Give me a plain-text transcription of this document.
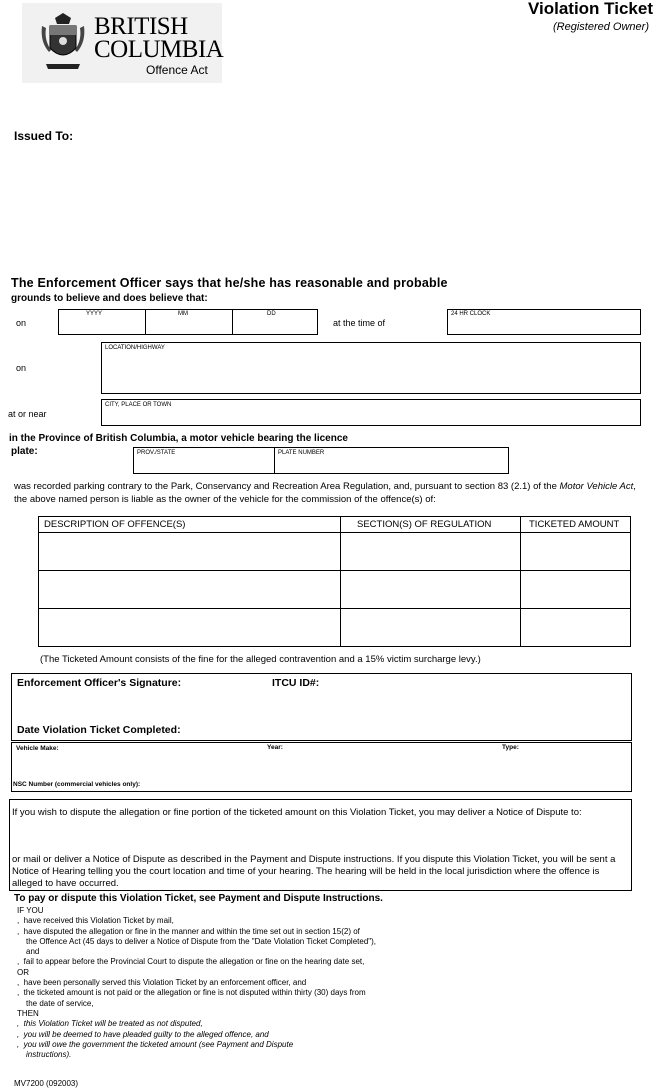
BRITISH
COLUMBIA
Offence Act
Violation Ticket
(Registered Owner)
Issued To:
The Enforcement Officer says that he/she has reasonable and probable
grounds to believe and does believe that:
on
YYYY	MM	DD
at the time of
24 HR CLOCK
on
LOCATION/HIGHWAY
at or near
CITY, PLACE OR TOWN
in the Province of British Columbia, a motor vehicle bearing the licence
plate:	PROV./STATE	PLATE NUMBER
was recorded parking contrary to the Park, Conservancy and Recreation Area Regulation, and, pursuant to section 83 (2.1) of the Motor Vehicle Act, the above named person is liable as the owner of the vehicle for the commission of the offence(s) of:
DESCRIPTION OF OFFENCE(S)	SECTION(S) OF REGULATION	TICKETED AMOUNT

(The Ticketed Amount consists of the fine for the alleged contravention and a 15% victim surcharge levy.)
Enforcement Officer's Signature:	ITCU ID#:
Date Violation Ticket Completed:
Vehicle Make:	Year:	Type:
NSC Number (commercial vehicles only):
If you wish to dispute the allegation or fine portion of the ticketed amount on this Violation Ticket, you may deliver a Notice of Dispute to:
or mail or deliver a Notice of Dispute as described in the Payment and Dispute instructions. If you dispute this Violation Ticket, you will be sent a Notice of Hearing telling you the court location and time of your hearing. The hearing will be held in the local jurisdiction where the offence is alleged to have occurred.
To pay or dispute this Violation Ticket, see Payment and Dispute Instructions.
IF YOU
,  have received this Violation Ticket by mail,
,  have disputed the allegation or fine in the manner and within the time set out in section 15(2) of
the Offence Act (45 days to deliver a Notice of Dispute from the "Date Violation Ticket Completed"),
and
,  fail to appear before the Provincial Court to dispute the allegation or fine on the hearing date set,
OR
,  have been personally served this Violation Ticket by an enforcement officer, and
,  the ticketed amount is not paid or the allegation or fine is not disputed within thirty (30) days from
the date of service,
THEN
,  this Violation Ticket will be treated as not disputed,
,  you will be deemed to have pleaded guilty to the alleged offence, and
,  you will owe the government the ticketed amount (see Payment and Dispute
instructions).
MV7200 (092003)
